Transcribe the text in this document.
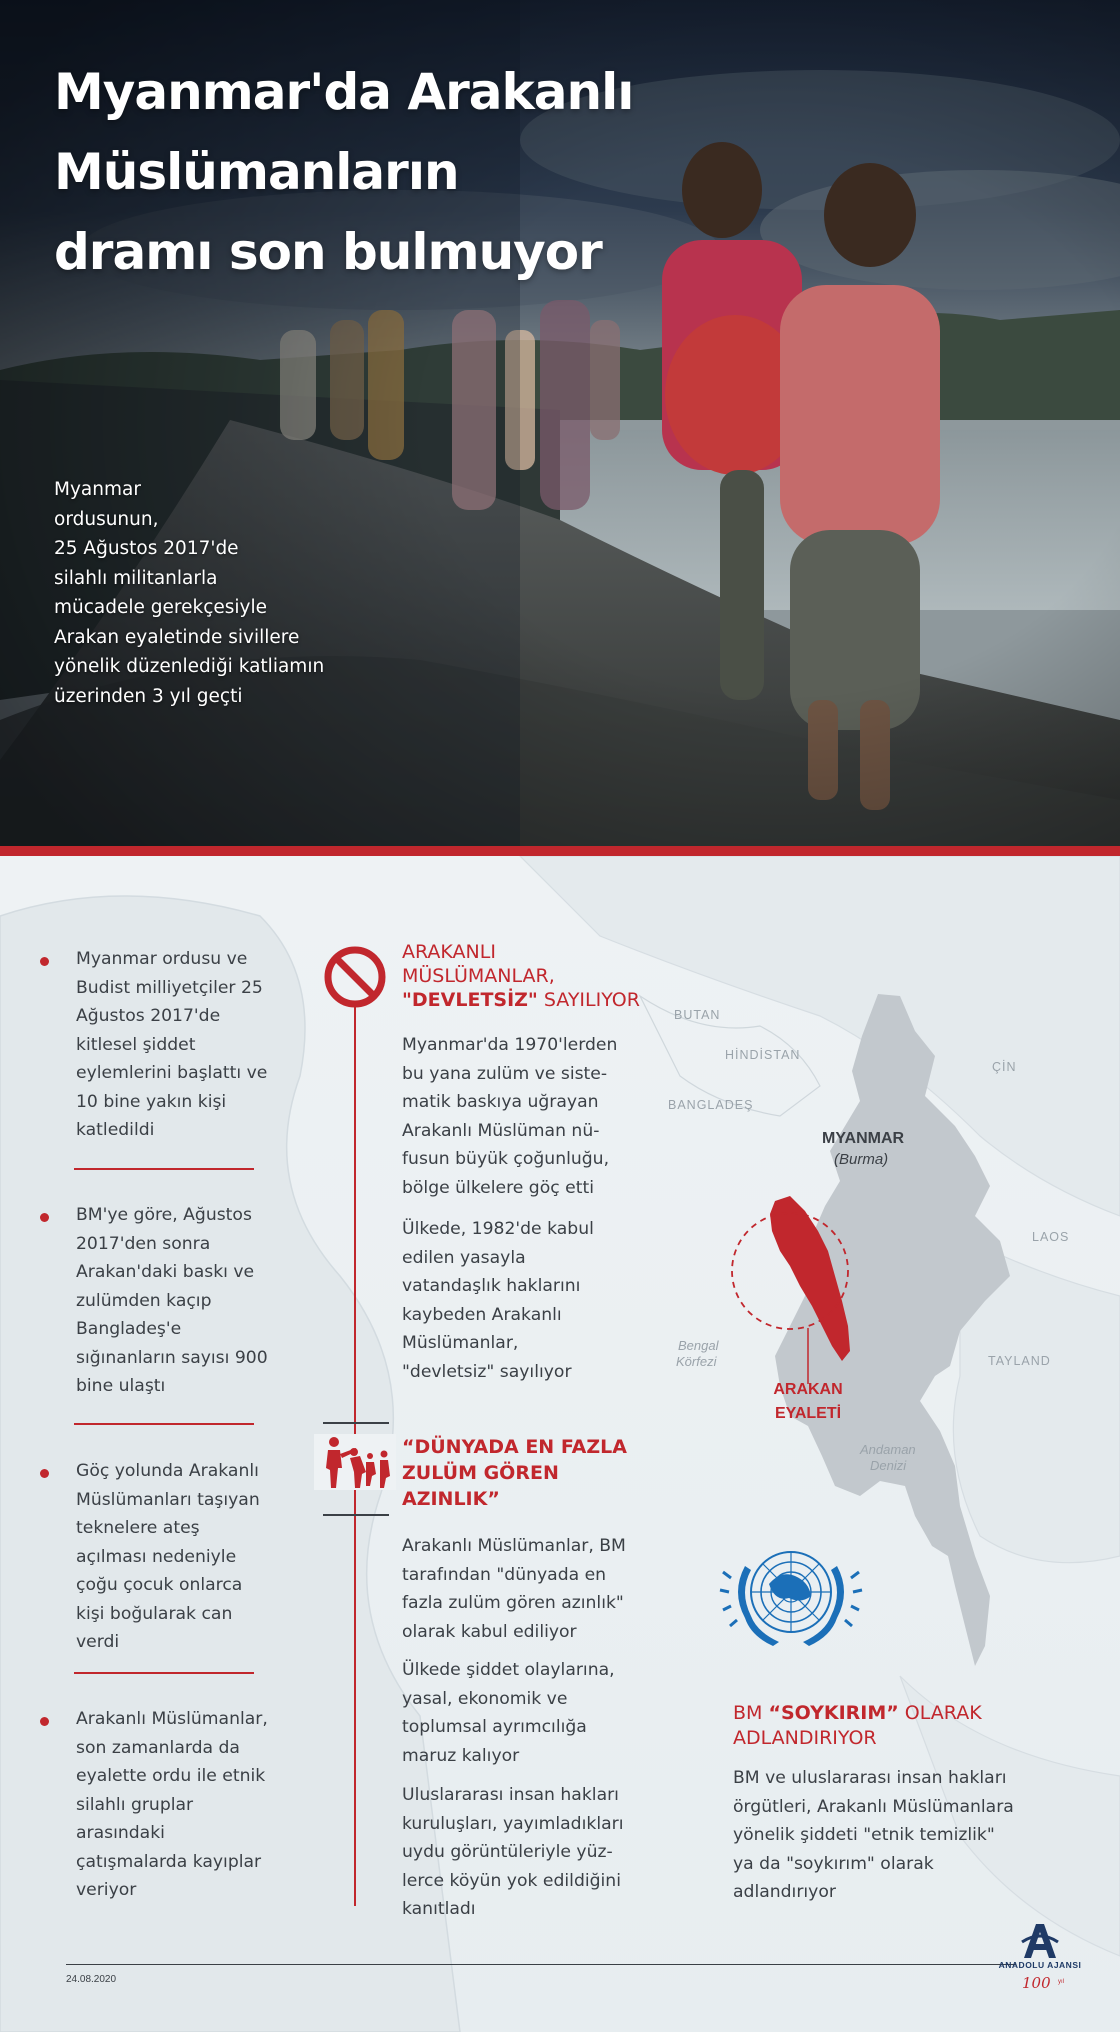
Myanmar'da Arakanlı Müslümanların
dramı son bulmuyor
Myanmar
ordusunun,
25 Ağustos 2017'de
silahlı militanlarla
mücadele gerekçesiyle
Arakan eyaletinde sivillere
yönelik düzenlediği katliamın
üzerinden 3 yıl geçti
Myanmar ordusu ve
Budist milliyetçiler 25
Ağustos 2017'de
kitlesel şiddet
eylemlerini başlattı ve
10 bine yakın kişi
katledildi
BM'ye göre, Ağustos
2017'den sonra
Arakan'daki baskı ve
zulümden kaçıp
Bangladeş'e
sığınanların sayısı 900
bine ulaştı
Göç yolunda Arakanlı
Müslümanları taşıyan
teknelere ateş
açılması nedeniyle
çoğu çocuk onlarca
kişi boğularak can
verdi
Arakanlı Müslümanlar,
son zamanlarda da
eyalette ordu ile etnik
silahlı gruplar
arasındaki
çatışmalarda kayıplar
veriyor
ARAKANLI
MÜSLÜMANLAR,
"DEVLETSİZ" SAYILIYOR
Myanmar'da 1970'lerden
bu yana zulüm ve siste-
matik baskıya uğrayan
Arakanlı Müslüman nü-
fusun büyük çoğunluğu,
bölge ülkelere göç etti
Ülkede, 1982'de kabul
edilen yasayla
vatandaşlık haklarını
kaybeden Arakanlı
Müslümanlar,
"devletsiz" sayılıyor
“DÜNYADA EN FAZLA
ZULÜM GÖREN
AZINLIK”
Arakanlı Müslümanlar, BM
tarafından "dünyada en
fazla zulüm gören azınlık"
olarak kabul ediliyor
Ülkede şiddet olaylarına,
yasal, ekonomik ve
toplumsal ayrımcılığa
maruz kalıyor
Uluslararası insan hakları
kuruluşları, yayımladıkları
uydu görüntüleriyle yüz-
lerce köyün yok edildiğini
kanıtladı
BUTAN
HİNDİSTAN
BANGLADEŞ
ÇİN
LAOS
TAYLAND
Bengal
Körfezi
Andaman
Denizi
MYANMAR
(Burma)
ARAKAN
EYALETİ
BM “SOYKIRIM” OLARAK
ADLANDIRIYOR
BM ve uluslararası insan hakları
örgütleri, Arakanlı Müslümanlara
yönelik şiddeti "etnik temizlik"
ya da "soykırım" olarak
adlandırıyor
24.08.2020
ANADOLU AJANSI
100 yıl
